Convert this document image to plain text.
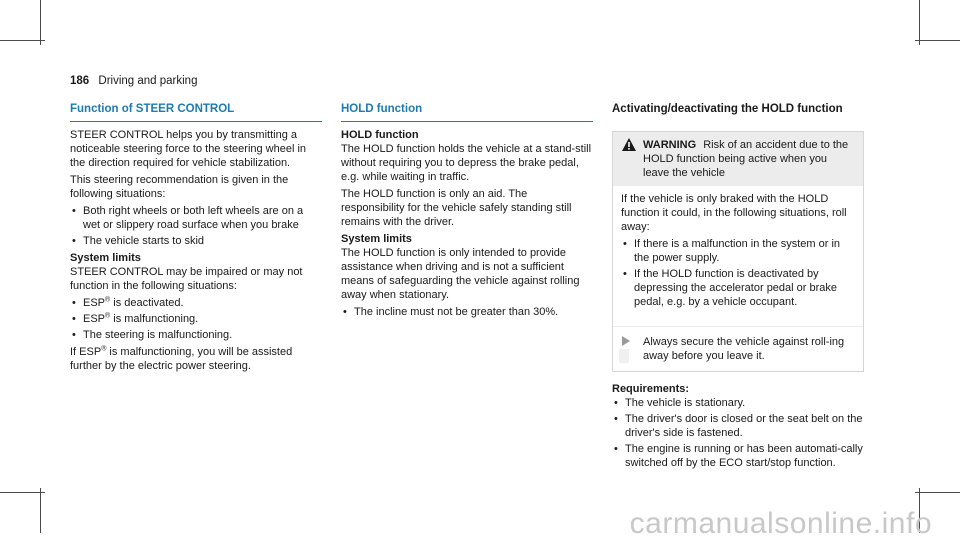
186 Driving and parking
Function of STEER CONTROL

STEER CONTROL helps you by transmitting a noticeable steering force to the steering wheel in the direction required for vehicle stabilization.

This steering recommendation is given in the following situations:

• Both right wheels or both left wheels are on a wet or slippery road surface when you brake
• The vehicle starts to skid
System limits

STEER CONTROL may be impaired or may not function in the following situations:

• ESP® is deactivated.
• ESP® is malfunctioning.
• The steering is malfunctioning.

If ESP® is malfunctioning, you will be assisted further by the electric power steering.

HOLD function
HOLD function

The HOLD function holds the vehicle at a stand-still without requiring you to depress the brake pedal, e.g. while waiting in traffic.

The HOLD function is only an aid. The responsibility for the vehicle safely standing still remains with the driver.

System limits

The HOLD function is only intended to provide assistance when driving and is not a sufficient means of safeguarding the vehicle against rolling away when stationary.

• The incline must not be greater than 30%.
Activating/deactivating the HOLD function
WARNING Risk of an accident due to the HOLD function being active when you leave the vehicle

If the vehicle is only braked with the HOLD function it could, in the following situations, roll away:

• If there is a malfunction in the system or in the power supply.
• If the HOLD function is deactivated by depressing the accelerator pedal or brake pedal, e.g. by a vehicle occupant.
Always secure the vehicle against roll-ing away before you leave it.
Requirements:
• The vehicle is stationary.
• The driver's door is closed or the seat belt on the driver's side is fastened.
• The engine is running or has been automati-cally switched off by the ECO start/stop function.
carmanualsonline.info
